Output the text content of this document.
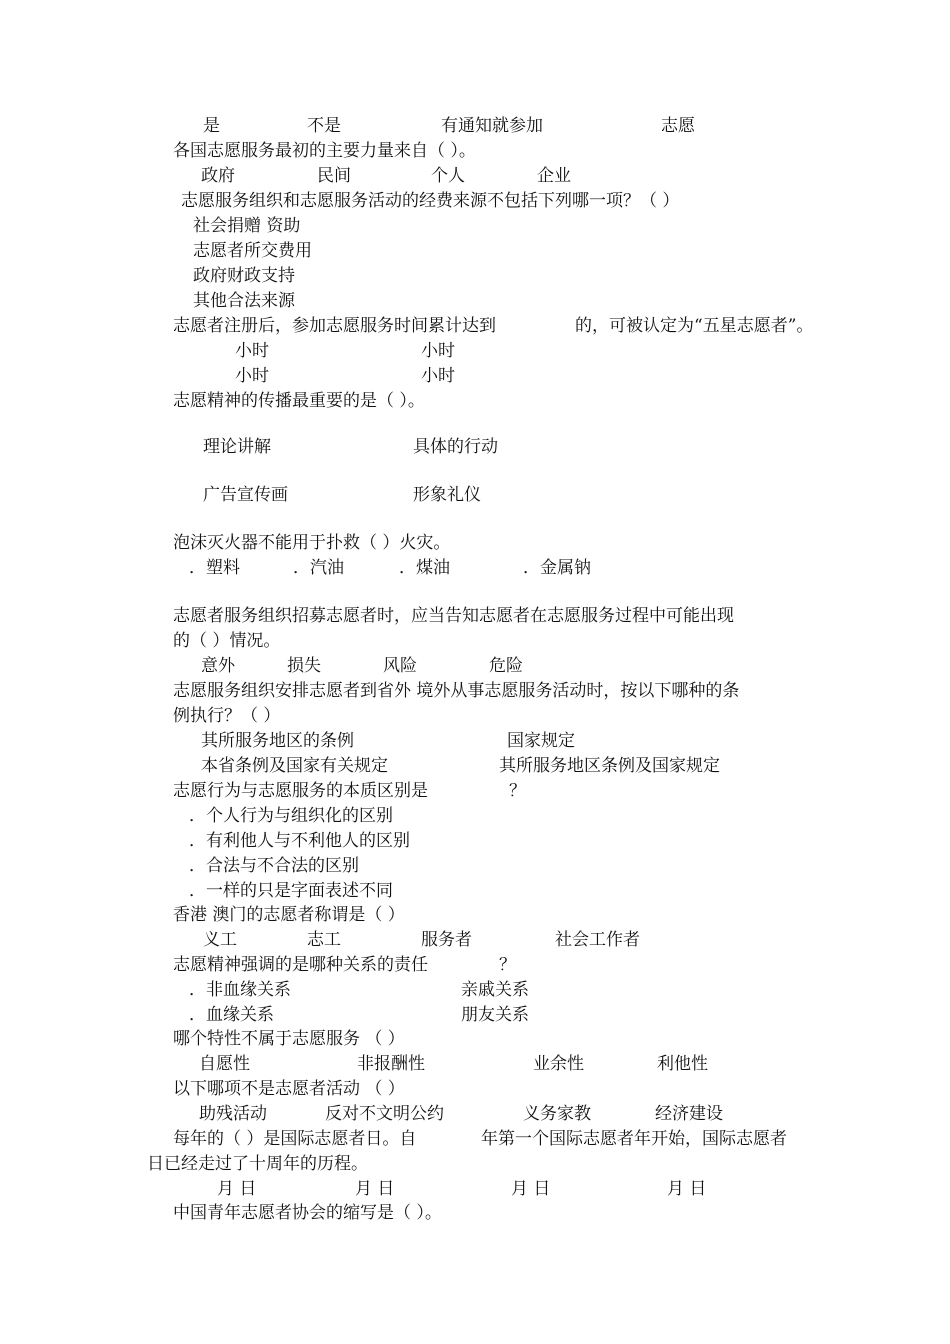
是	不是	有通知就参加	志愿
各国志愿服务最初的主要力量来自（ ）。
政府	民间	个人	企业
志愿服务组织和志愿服务活动的经费来源不包括下列哪一项？（ ）
社会捐赠 资助
志愿者所交费用
政府财政支持
其他合法来源
志愿者注册后，参加志愿服务时间累计达到	的，可被认定为“五星志愿者”。
小时	小时
小时	小时
志愿精神的传播最重要的是（ ）。
理论讲解	具体的行动
广告宣传画	形象礼仪
泡沫灭火器不能用于扑救（ ）火灾。
．塑料	．汽油	．煤油	．金属钠
志愿者服务组织招募志愿者时，应当告知志愿者在志愿服务过程中可能出现
的（ ）情况。
意外	损失	风险	危险
志愿服务组织安排志愿者到省外 境外从事志愿服务活动时，按以下哪种的条
例执行？（ ）
其所服务地区的条例	国家规定
本省条例及国家有关规定	其所服务地区条例及国家规定
志愿行为与志愿服务的本质区别是	？
．个人行为与组织化的区别
．有利他人与不利他人的区别
．合法与不合法的区别
．一样的只是字面表述不同
香港 澳门的志愿者称谓是（ ）
义工	志工	服务者	社会工作者
志愿精神强调的是哪种关系的责任	？
．非血缘关系	亲戚关系
．血缘关系	朋友关系
哪个特性不属于志愿服务 （ ）
自愿性	非报酬性	业余性	利他性
以下哪项不是志愿者活动 （ ）
助残活动	反对不文明公约	义务家教	经济建设
每年的（ ）是国际志愿者日。自	年第一个国际志愿者年开始，国际志愿者
日已经走过了十周年的历程。
月 日	月 日	月 日	月 日
中国青年志愿者协会的缩写是（ ）。
